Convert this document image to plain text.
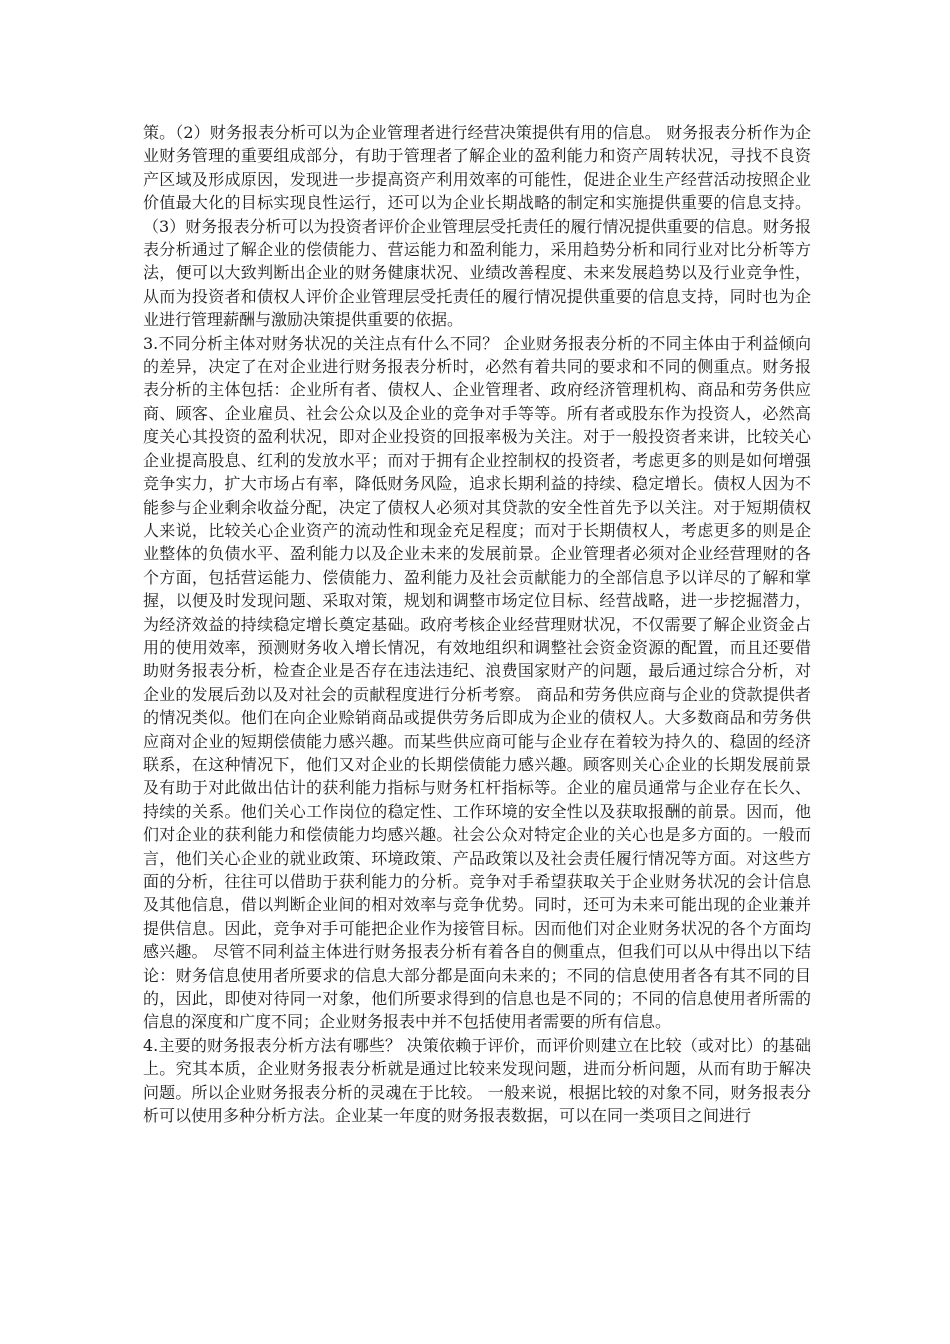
策。（2）财务报表分析可以为企业管理者进行经营决策提供有用的信息。 财务报表分析作为企业财务管理的重要组成部分，有助于管理者了解企业的盈利能力和资产周转状况，寻找不良资产区域及形成原因，发现进一步提高资产利用效率的可能性，促进企业生产经营活动按照企业价值最大化的目标实现良性运行，还可以为企业长期战略的制定和实施提供重要的信息支持。 （3）财务报表分析可以为投资者评价企业管理层受托责任的履行情况提供重要的信息。财务报表分析通过了解企业的偿债能力、营运能力和盈利能力，采用趋势分析和同行业对比分析等方法，便可以大致判断出企业的财务健康状况、业绩改善程度、未来发展趋势以及行业竞争性，从而为投资者和债权人评价企业管理层受托责任的履行情况提供重要的信息支持，同时也为企业进行管理薪酬与激励决策提供重要的依据。

3.不同分析主体对财务状况的关注点有什么不同？ 企业财务报表分析的不同主体由于利益倾向的差异，决定了在对企业进行财务报表分析时，必然有着共同的要求和不同的侧重点。财务报表分析的主体包括：企业所有者、债权人、企业管理者、政府经济管理机构、商品和劳务供应商、顾客、企业雇员、社会公众以及企业的竞争对手等等。所有者或股东作为投资人，必然高度关心其投资的盈利状况，即对企业投资的回报率极为关注。对于一般投资者来讲，比较关心企业提高股息、红利的发放水平；而对于拥有企业控制权的投资者，考虑更多的则是如何增强竞争实力，扩大市场占有率，降低财务风险，追求长期利益的持续、稳定增长。债权人因为不能参与企业剩余收益分配，决定了债权人必须对其贷款的安全性首先予以关注。对于短期债权人来说，比较关心企业资产的流动性和现金充足程度；而对于长期债权人，考虑更多的则是企业整体的负债水平、盈利能力以及企业未来的发展前景。企业管理者必须对企业经营理财的各个方面，包括营运能力、偿债能力、盈利能力及社会贡献能力的全部信息予以详尽的了解和掌握，以便及时发现问题、采取对策，规划和调整市场定位目标、经营战略，进一步挖掘潜力，为经济效益的持续稳定增长奠定基础。政府考核企业经营理财状况，不仅需要了解企业资金占用的使用效率，预测财务收入增长情况，有效地组织和调整社会资金资源的配置，而且还要借助财务报表分析，检查企业是否存在违法违纪、浪费国家财产的问题，最后通过综合分析，对企业的发展后劲以及对社会的贡献程度进行分析考察。 商品和劳务供应商与企业的贷款提供者的情况类似。他们在向企业赊销商品或提供劳务后即成为企业的债权人。大多数商品和劳务供应商对企业的短期偿债能力感兴趣。而某些供应商可能与企业存在着较为持久的、稳固的经济联系，在这种情况下，他们又对企业的长期偿债能力感兴趣。顾客则关心企业的长期发展前景及有助于对此做出估计的获利能力指标与财务杠杆指标等。企业的雇员通常与企业存在长久、持续的关系。他们关心工作岗位的稳定性、工作环境的安全性以及获取报酬的前景。因而，他们对企业的获利能力和偿债能力均感兴趣。社会公众对特定企业的关心也是多方面的。一般而言，他们关心企业的就业政策、环境政策、产品政策以及社会责任履行情况等方面。对这些方面的分析，往往可以借助于获利能力的分析。竞争对手希望获取关于企业财务状况的会计信息及其他信息，借以判断企业间的相对效率与竞争优势。同时，还可为未来可能出现的企业兼并提供信息。因此，竞争对手可能把企业作为接管目标。因而他们对企业财务状况的各个方面均感兴趣。 尽管不同利益主体进行财务报表分析有着各自的侧重点，但我们可以从中得出以下结论：财务信息使用者所要求的信息大部分都是面向未来的；不同的信息使用者各有其不同的目的，因此，即使对待同一对象，他们所要求得到的信息也是不同的；不同的信息使用者所需的信息的深度和广度不同；企业财务报表中并不包括使用者需要的所有信息。

4.主要的财务报表分析方法有哪些？ 决策依赖于评价，而评价则建立在比较（或对比）的基础上。究其本质，企业财务报表分析就是通过比较来发现问题，进而分析问题，从而有助于解决问题。所以企业财务报表分析的灵魂在于比较。 一般来说，根据比较的对象不同，财务报表分析可以使用多种分析方法。企业某一年度的财务报表数据，可以在同一类项目之间进行
